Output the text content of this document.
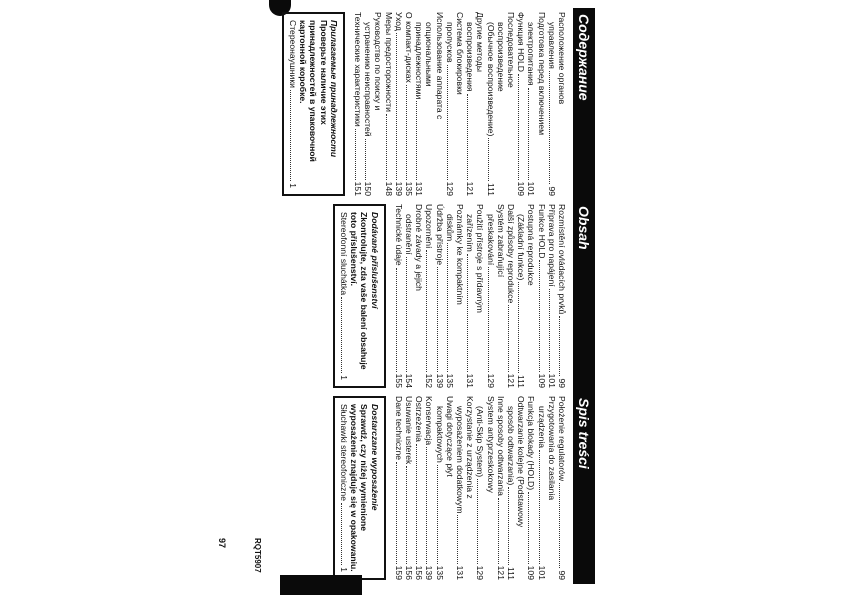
Содержание
Расположение органов
управления
99
Подготовка перед включением
электропитания
101
Функция HOLD
109
Последовательное
воспроизведение
(Обычное воспроизведение)
111
Другие методы
воспроизведения
121
Система блокировки
пропусков
129
Использование аппарата с
опциональными
принадлежностями
131
О компакт-дисках
135
Уход
139
Меры предосторожности
148
Руководство по поиску и
устранению неисправностей
150
Технические характеристики
151
Прилагаемые принадлежности
Проверьте наличие этих принадлежностей в упаковочной картонной коробке.
Стереонаушники
1
Obsah
Rozmístění ovládacích prvků
99
Příprava pro napájení
101
Funkce HOLD
109
Postupná reprodukce
(Základní funkce)
111
Další způsoby reprodukce
121
Systém zabraňující
přeskakování
129
Použití přístroje s přídavným
zařízením
131
Poznámky ke kompaktním
diskům
135
Údržba přístroje
139
Upozornění
152
Drobné závady a jejich
odstranění
154
Technické údaje
155
Dodávané příslušenství
Zkontrolujte, zda vaše balení obsahuje toto příslušenství.
Stereofonní sluchátka
1
Spis treści
Położenie regulatorów
99
Przygotowania do zasilania
urządzenia
101
Funkcja blokady (HOLD)
109
Odtwarzanie kolejne (Podstawowy
sposób odtwarzania)
111
Inne sposoby odtwarzania
121
System antyprzeskokowy
(Anti-Skip System)
129
Korzystanie z urządzenia z
wyposażeniem dodatkowym
131
Uwagi dotyczące płyt
kompaktowych
135
Konserwacja
139
Ostrzeżenia
156
Usuwanie usterek
156
Dane techniczne
159
Dostarczane wyposażenie
Sprawdź, czy niżej wymienione wyposażenie znajduje się w opakowaniu.
Słuchawki stereofoniczne
1
97	RQT5907
